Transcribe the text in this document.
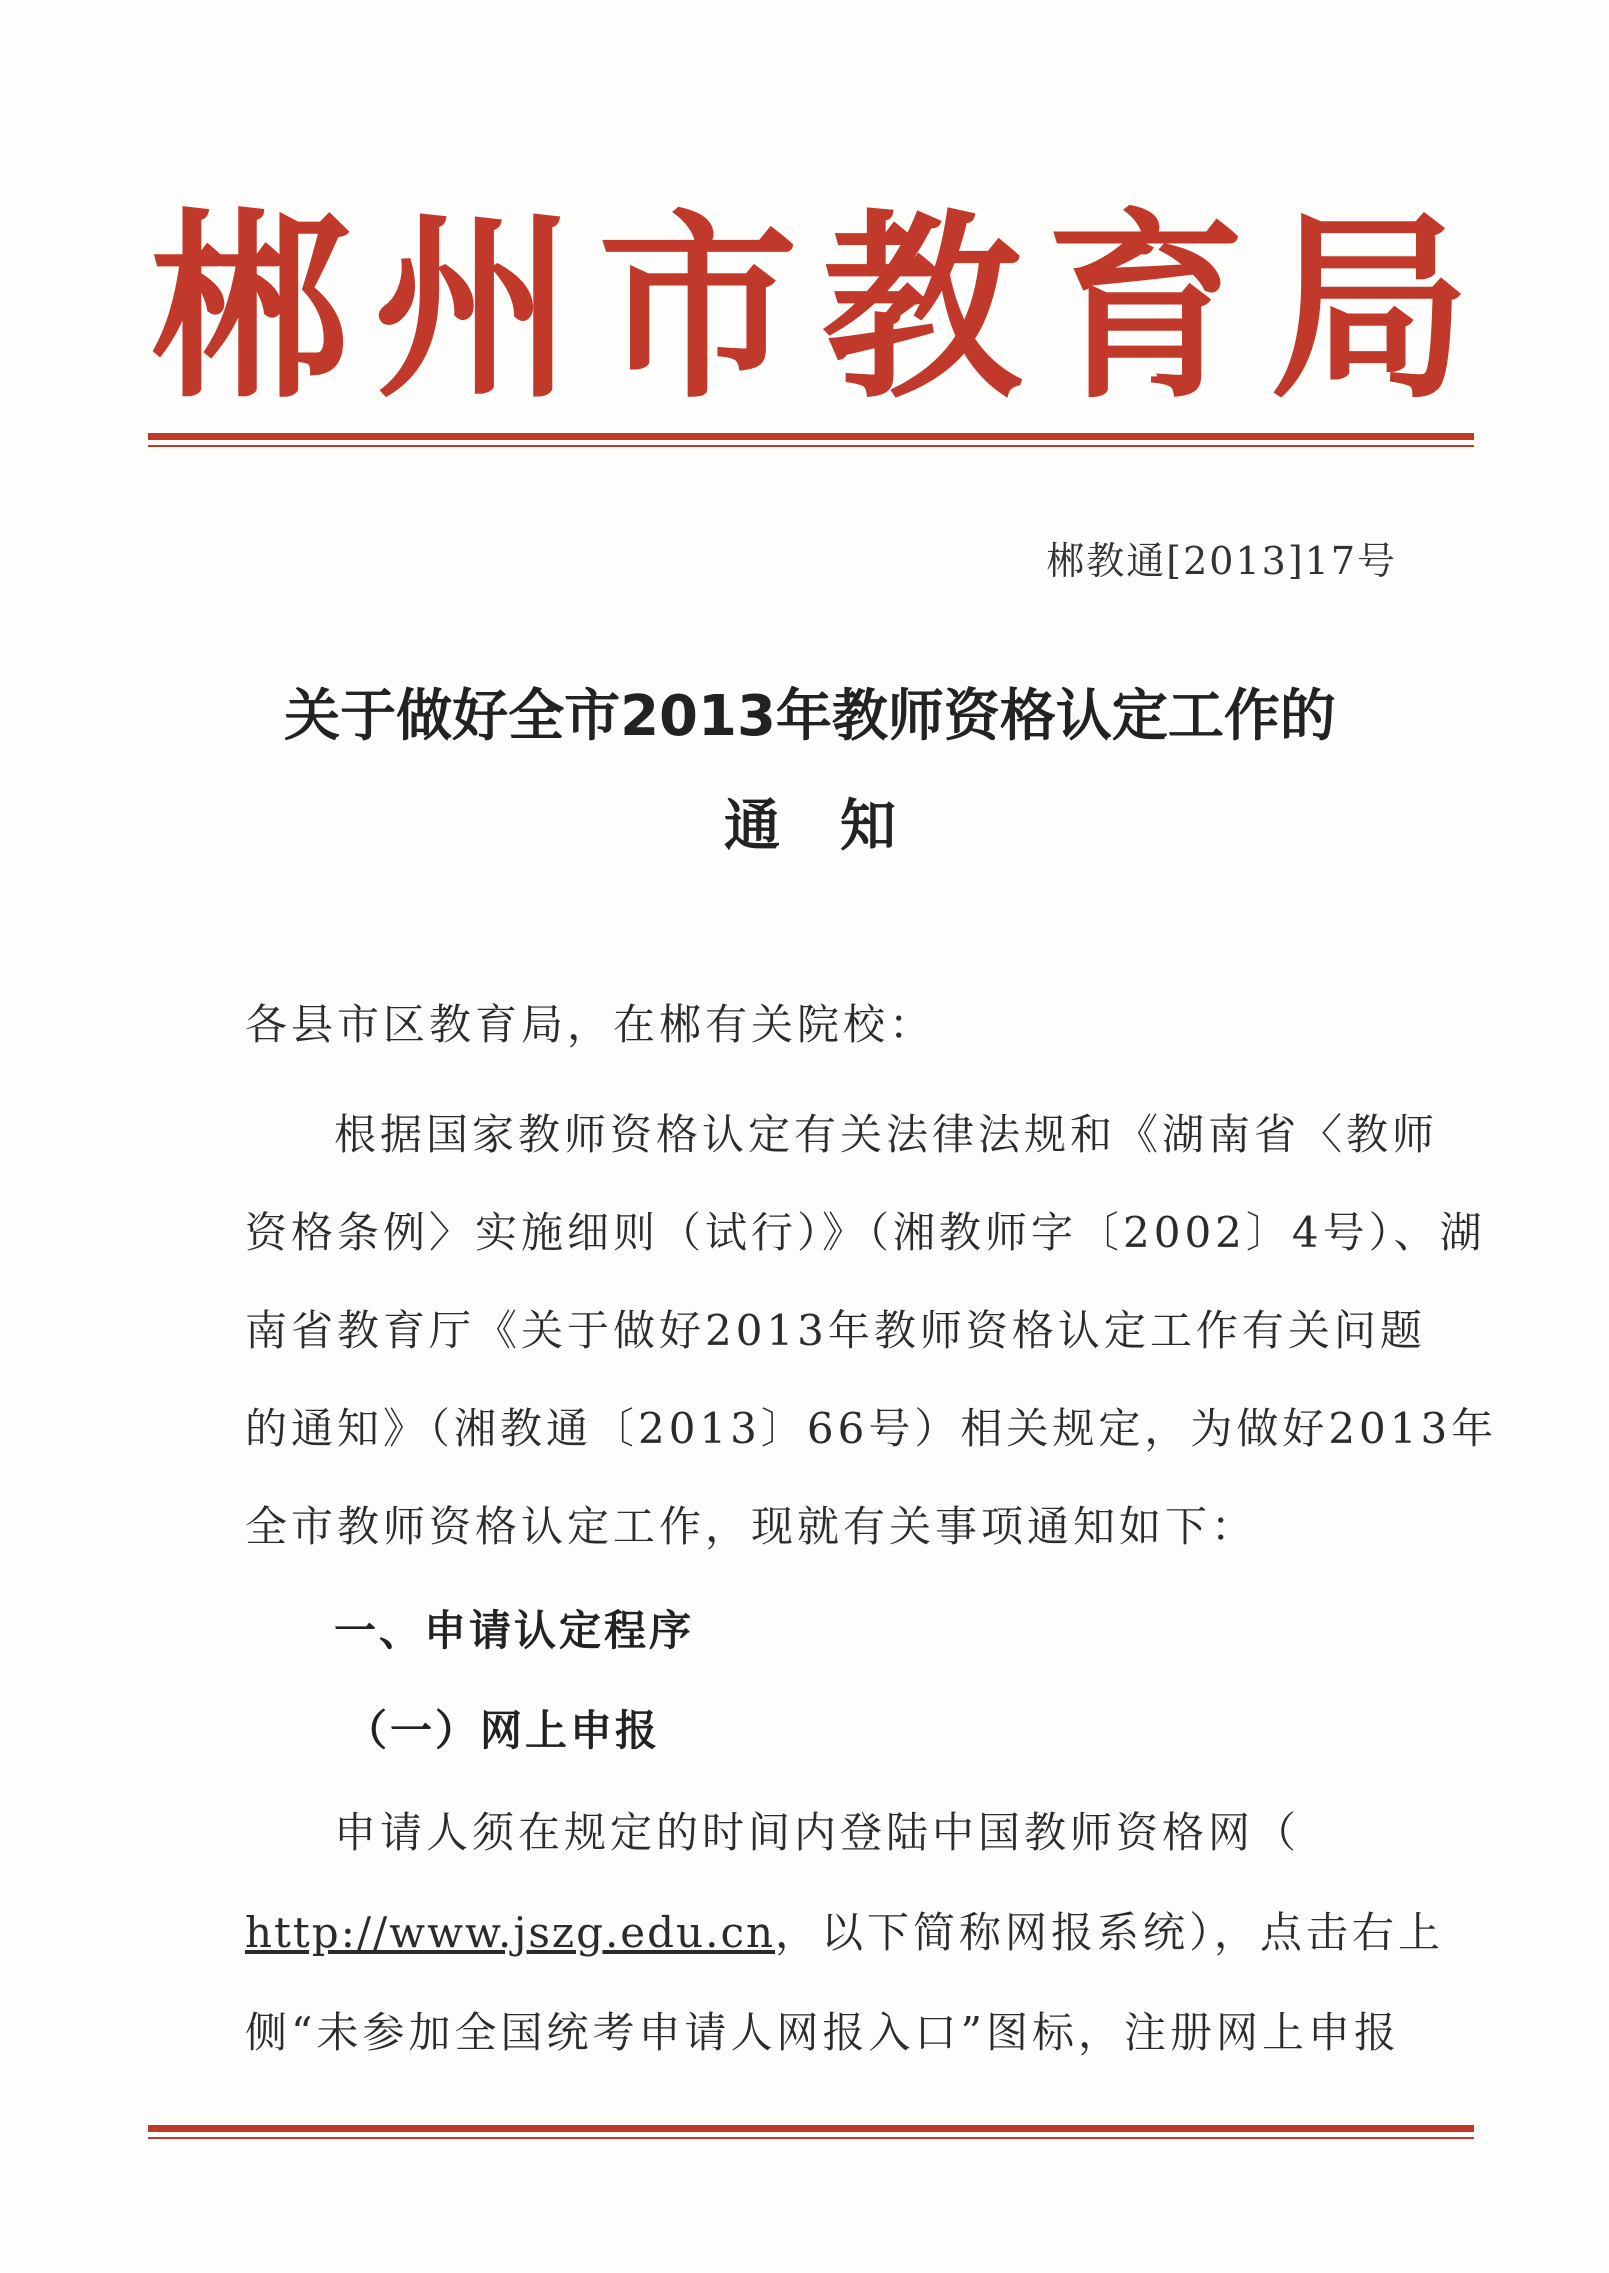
郴 州 市 教 育 局
郴教通[2013]17号
关于做好全市2013年教师资格认定工作的
通知
各县市区教育局，在郴有关院校：
根据国家教师资格认定有关法律法规和《湖南省〈教师
资格条例〉实施细则（试行）》（湘教师字〔2002〕4号）、湖
南省教育厅《关于做好2013年教师资格认定工作有关问题
的通知》（湘教通〔2013〕66号）相关规定，为做好2013年
全市教师资格认定工作，现就有关事项通知如下：
一、申请认定程序
（一）网上申报
申请人须在规定的时间内登陆中国教师资格网（
http://www.jszg.edu.cn，以下简称网报系统），点击右上
侧“未参加全国统考申请人网报入口”图标，注册网上申报
